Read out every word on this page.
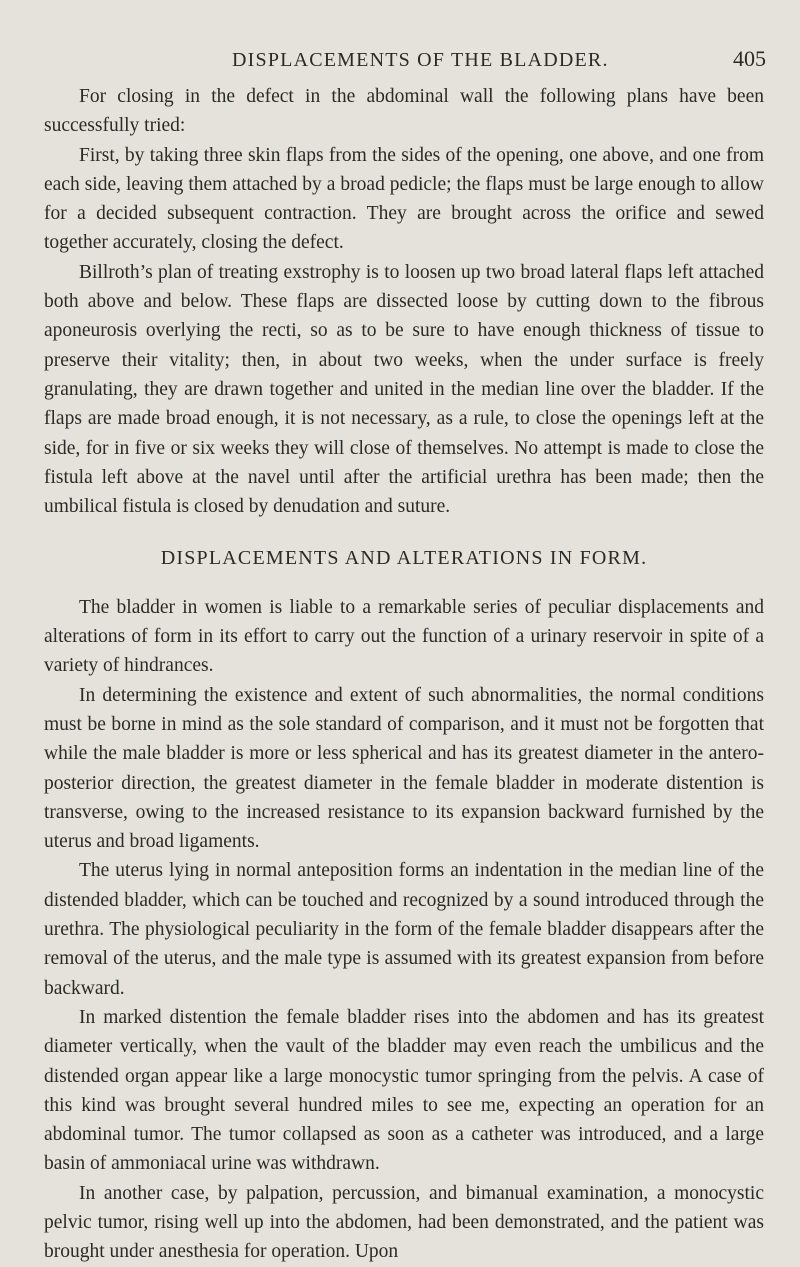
DISPLACEMENTS OF THE BLADDER.	405

For closing in the defect in the abdominal wall the following plans have been successfully tried:

First, by taking three skin flaps from the sides of the opening, one above, and one from each side, leaving them attached by a broad pedicle; the flaps must be large enough to allow for a decided subsequent contraction. They are brought across the orifice and sewed together accurately, closing the defect.

Billroth’s plan of treating exstrophy is to loosen up two broad lateral flaps left attached both above and below. These flaps are dissected loose by cutting down to the fibrous aponeurosis overlying the recti, so as to be sure to have enough thickness of tissue to preserve their vitality; then, in about two weeks, when the under surface is freely granulating, they are drawn together and united in the median line over the bladder. If the flaps are made broad enough, it is not necessary, as a rule, to close the openings left at the side, for in five or six weeks they will close of themselves. No attempt is made to close the fistula left above at the navel until after the artificial urethra has been made; then the umbilical fistula is closed by denudation and suture.

DISPLACEMENTS AND ALTERATIONS IN FORM.

The bladder in women is liable to a remarkable series of peculiar displacements and alterations of form in its effort to carry out the function of a urinary reservoir in spite of a variety of hindrances.

In determining the existence and extent of such abnormalities, the normal conditions must be borne in mind as the sole standard of comparison, and it must not be forgotten that while the male bladder is more or less spherical and has its greatest diameter in the antero-posterior direction, the greatest diameter in the female bladder in moderate distention is transverse, owing to the increased resistance to its expansion backward furnished by the uterus and broad ligaments.

The uterus lying in normal anteposition forms an indentation in the median line of the distended bladder, which can be touched and recognized by a sound introduced through the urethra. The physiological peculiarity in the form of the female bladder disappears after the removal of the uterus, and the male type is assumed with its greatest expansion from before backward.

In marked distention the female bladder rises into the abdomen and has its greatest diameter vertically, when the vault of the bladder may even reach the umbilicus and the distended organ appear like a large monocystic tumor springing from the pelvis. A case of this kind was brought several hundred miles to see me, expecting an operation for an abdominal tumor. The tumor collapsed as soon as a catheter was introduced, and a large basin of ammoniacal urine was withdrawn.

In another case, by palpation, percussion, and bimanual examination, a monocystic pelvic tumor, rising well up into the abdomen, had been demonstrated, and the patient was brought under anesthesia for operation. Upon
